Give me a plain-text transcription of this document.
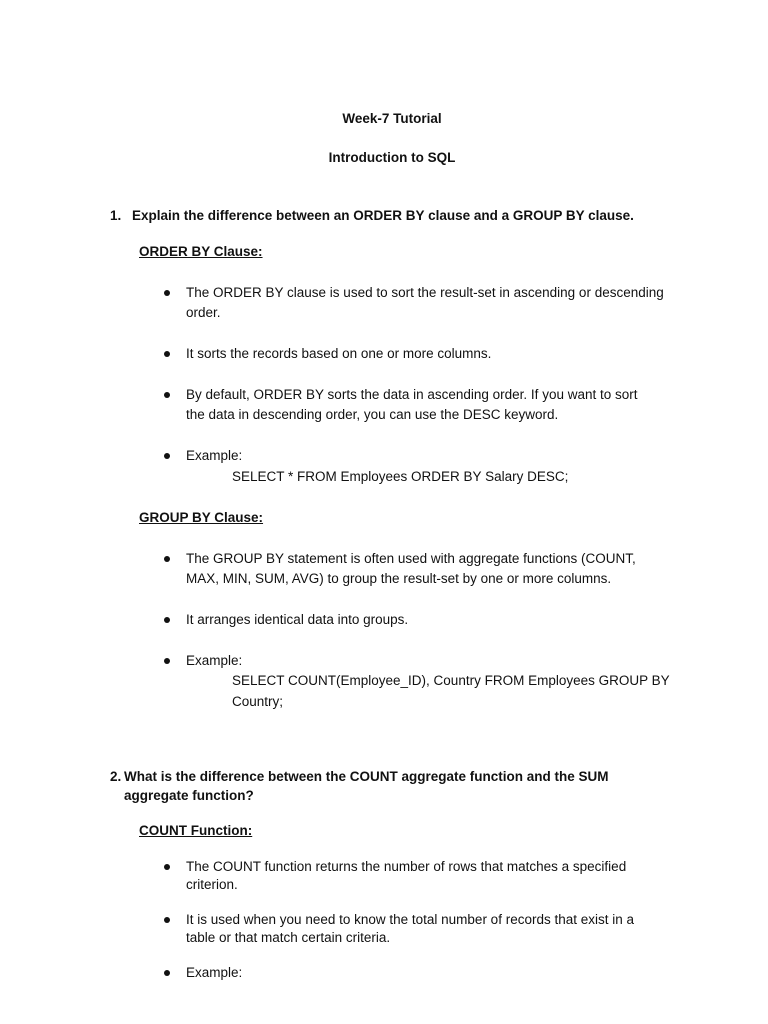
Week-7 Tutorial
Introduction to SQL
1. Explain the difference between an ORDER BY clause and a GROUP BY clause.
ORDER BY Clause:
The ORDER BY clause is used to sort the result-set in ascending or descending
order.
It sorts the records based on one or more columns.
By default, ORDER BY sorts the data in ascending order. If you want to sort
the data in descending order, you can use the DESC keyword.
Example:
SELECT * FROM Employees ORDER BY Salary DESC;
GROUP BY Clause:
The GROUP BY statement is often used with aggregate functions (COUNT,
MAX, MIN, SUM, AVG) to group the result-set by one or more columns.
It arranges identical data into groups.
Example:
SELECT COUNT(Employee_ID), Country FROM Employees GROUP BY
Country;
2. What is the difference between the COUNT aggregate function and the SUM
aggregate function?
COUNT Function:
The COUNT function returns the number of rows that matches a specified
criterion.
It is used when you need to know the total number of records that exist in a
table or that match certain criteria.
Example:
